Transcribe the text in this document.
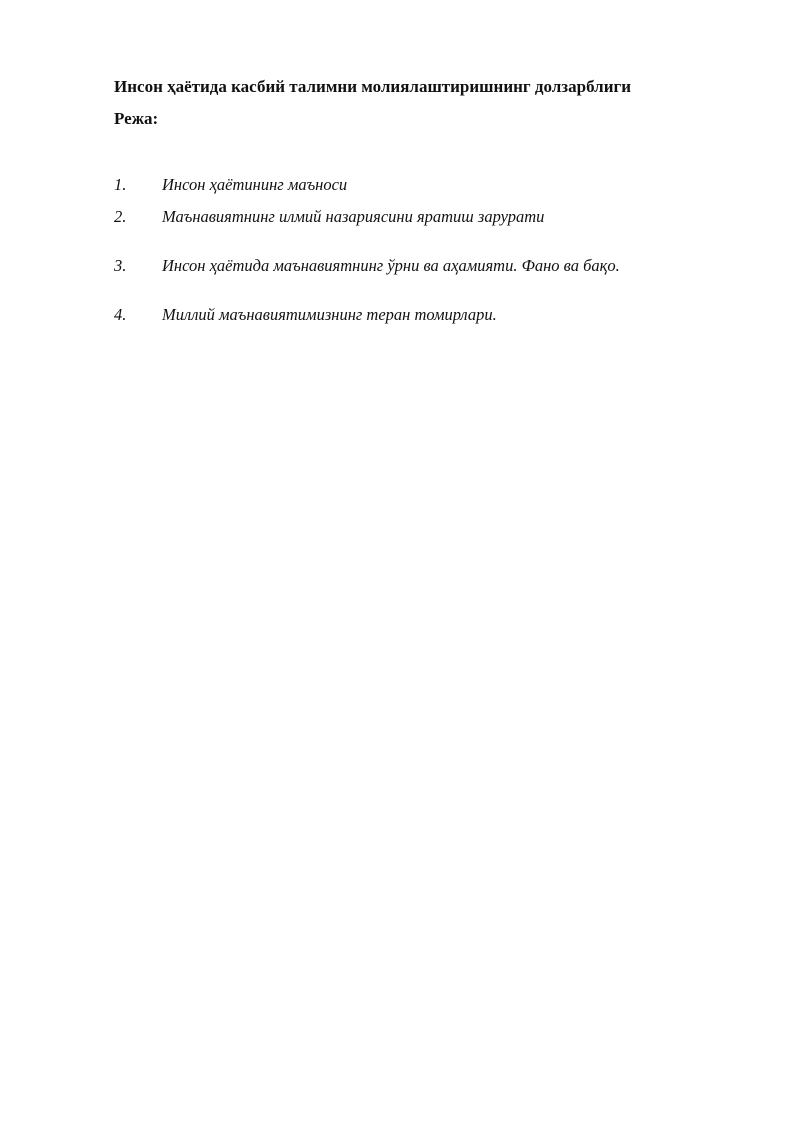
Инсон ҳаётида касбий талимни молиялаштиришнинг долзарблиги

Режа:

1. Инсон ҳаётининг маъноси
2. Маънавиятнинг илмий назариясини яратиш зарурати
3. Инсон ҳаётида маънавиятнинг ўрни ва аҳамияти. Фано ва бақо.
4. Миллий маънавиятимизнинг теран томирлари.
